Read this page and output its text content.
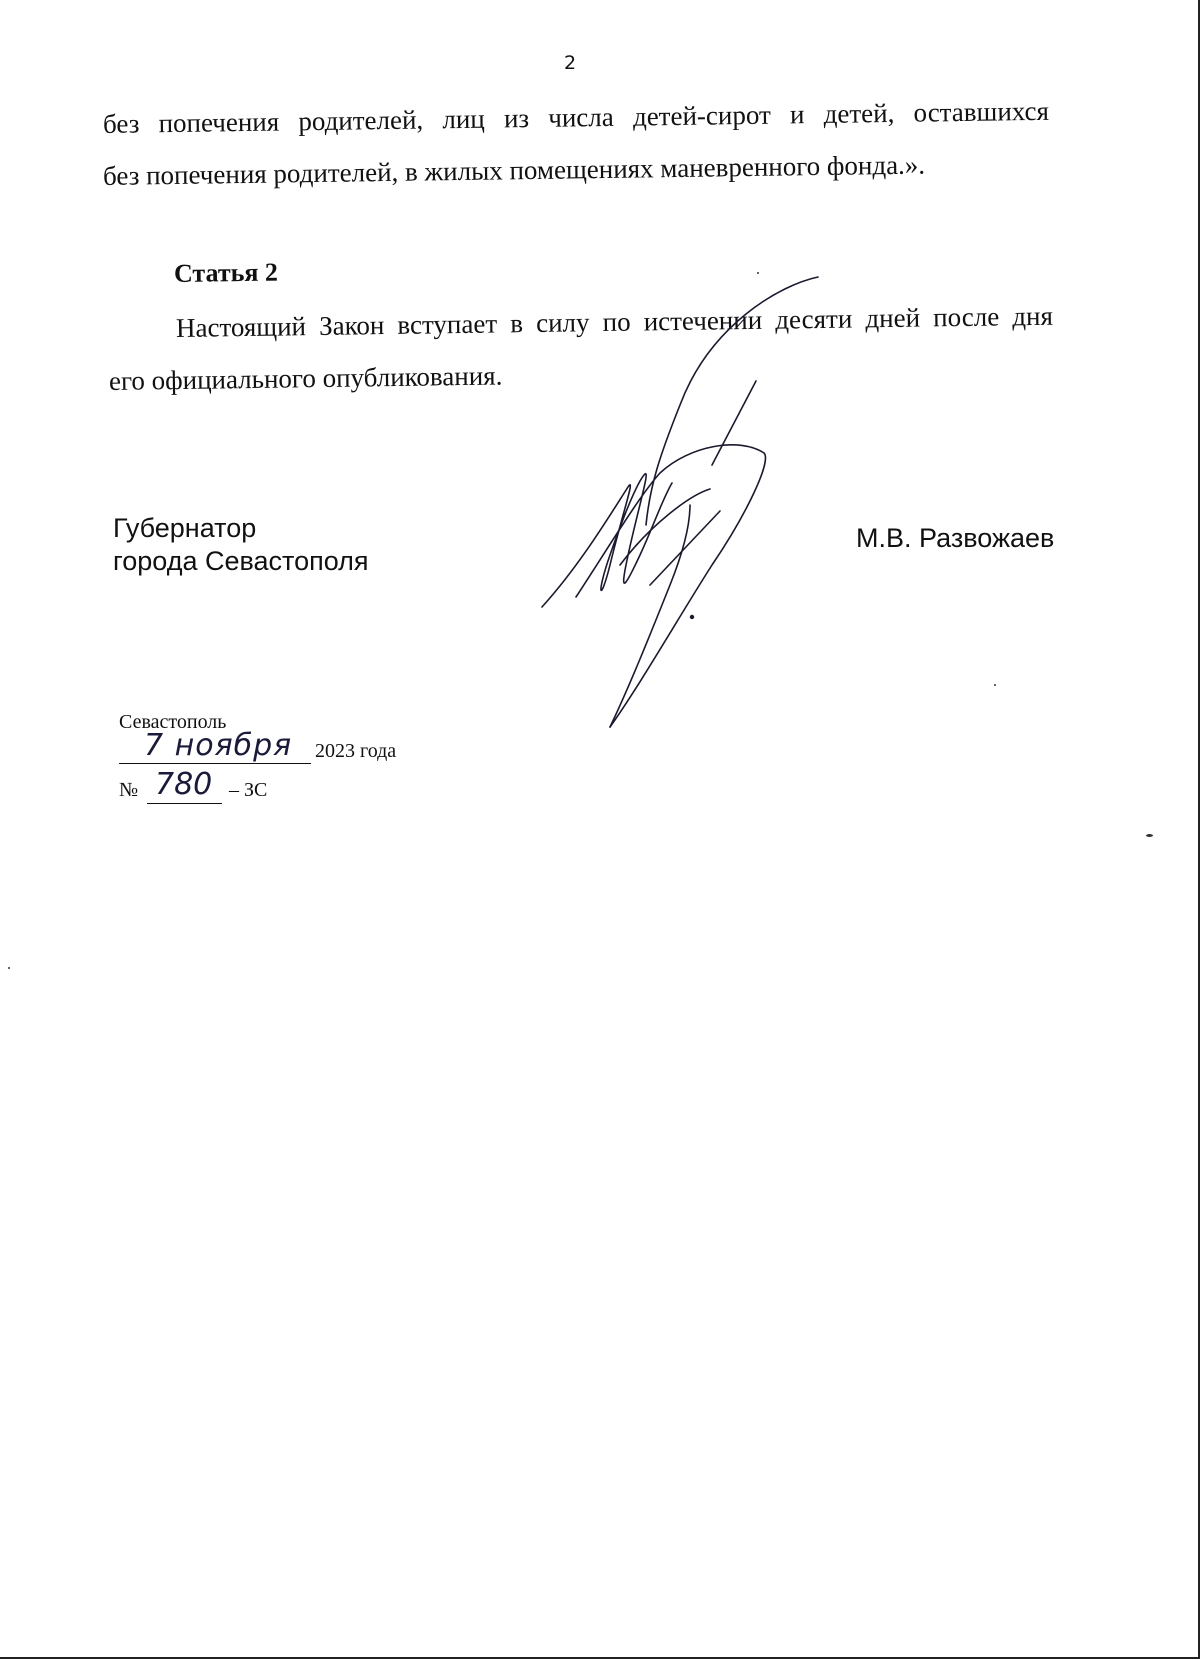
2
без попечения родителей, лиц из числа детей-сирот и детей, оставшихся
без попечения родителей, в жилых помещениях маневренного фонда.».
Статья 2
Настоящий Закон вступает в силу по истечении десяти дней после дня
его официального опубликования.
Губернатор
города Севастополя
М.В. Развожаев
Севастополь
7 ноября 2023 года
№ 780 – ЗС
